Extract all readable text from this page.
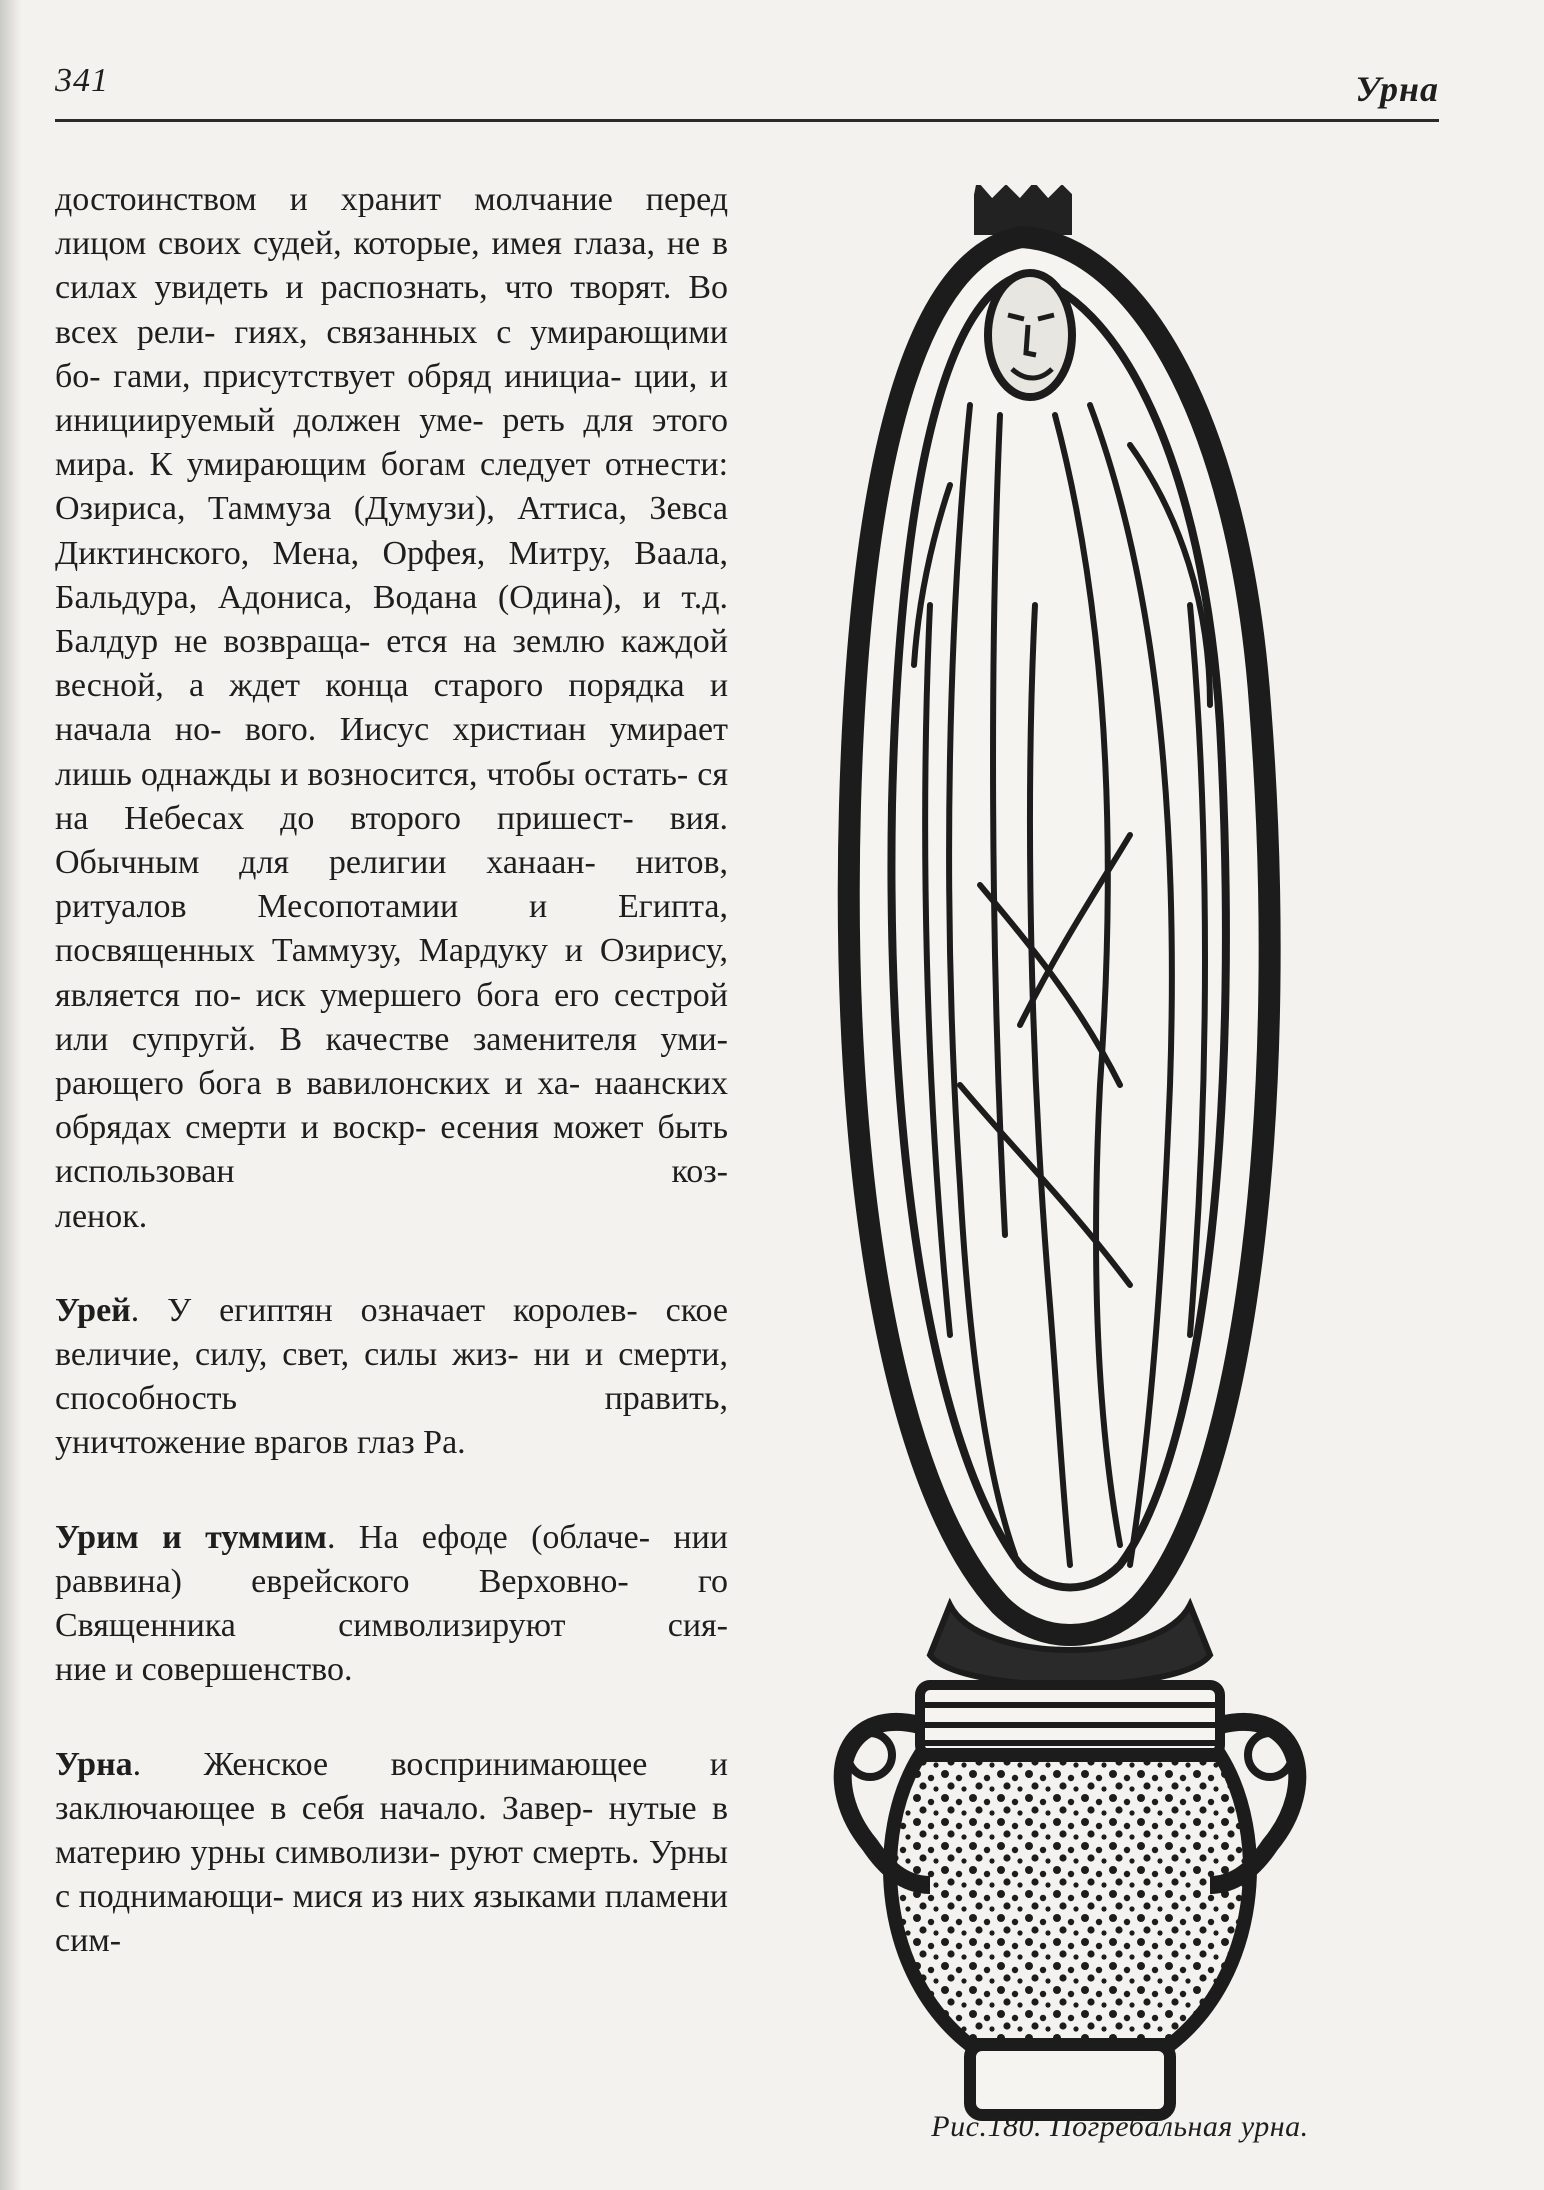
341	Урна

достоинством и хранит молчание перед лицом своих судей, которые, имея глаза, не в силах увидеть и распознать, что творят. Во всех рели- гиях, связанных с умирающими бо- гами, присутствует обряд инициа- ции, и инициируемый должен уме- реть для этого мира. К умирающим богам следует отнести: Озириса, Таммуза (Думузи), Аттиса, Зевса Диктинского, Мена, Орфея, Митру, Ваала, Бальдура, Адониса, Водана (Одина), и т.д. Балдур не возвраща- ется на землю каждой весной, а ждет конца старого порядка и начала но- вого. Иисус христиан умирает лишь однажды и возносится, чтобы остать- ся на Небесах до второго пришест- вия. Обычным для религии ханаан- нитов, ритуалов Месопотамии и Египта, посвященных Таммузу, Мардуку и Озирису, является по- иск умершего бога его сестрой или супругй. В качестве заменителя уми- рающего бога в вавилонских и ха- наанских обрядах смерти и воскр- есения может быть использован коз-
ленок.

Урей. У египтян означает королев- ское величие, силу, свет, силы жиз- ни и смерти, способность править,
уничтожение врагов глаз Ра.

Урим и туммим. На ефоде (облаче- нии раввина) еврейского Верховно- го Священника символизируют сия-
ние и совершенство.

Урна. Женское воспринимающее и заключающее в себя начало. Завер- нутые в материю урны символизи- руют смерть. Урны с поднимающи- мися из них языками пламени сим-

Рис.180. Погребальная урна.
